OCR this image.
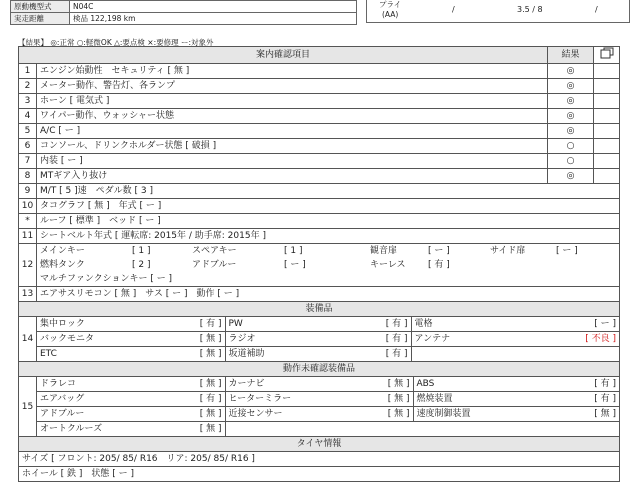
原動機型式	N04C
実走距離	検品 122,198 km
プライ
(AA)
/	3.5 / 8	/
【結果】 ◎:正常 ○:軽微OK △:要点検 ×:要修理 ー:対象外
案内確認項目	結果	
1	エンジン始動性　セキュリティ [ 無 ]	◎	
2	メーター動作、警告灯、各ランプ	◎	
3	ホーン [ 電気式 ]	◎	
4	ワイパー動作、ウォッシャー状態	◎	
5	A/C [ ー ]	◎	
6	コンソール、ドリンクホルダー状態 [ 破損 ]	○	
7	内装 [ ー ]	○	
8	MTギア入り抜け	◎	
9	M/T [ 5 ]速　ペダル数 [ 3 ]
10	タコグラフ [ 無 ]　年式 [ ー ]
*	ルーフ [ 標準 ]　ベッド [ ー ]
11	シートベルト年式 [ 運転席: 2015年 / 助手席: 2015年 ]
12	
メインキー	[ 1 ]	スペアキー	[ 1 ]	観音扉	[ ー ]	サイド扉	[ ー ]
燃料タンク	[ 2 ]	アドブルー	[ ー ]	キーレス	[ 有 ]		
マルチファンクションキー [ ー ]

13	エアサスリモコン [ 無 ]　サス [ ー ]　動作 [ ー ]
装備品
14	
集中ロック	[ 有 ]	PW	[ 有 ]	電格	[ ー ]
バックモニタ	[ 無 ]	ラジオ	[ 有 ]	アンテナ	[ 不良 ]
ETC	[ 無 ]	坂道補助	[ 有 ]		

動作未確認装備品
15	
ドラレコ	[ 無 ]	カーナビ	[ 無 ]	ABS	[ 有 ]
エアバッグ	[ 有 ]	ヒーターミラー	[ 無 ]	燃焼装置	[ 有 ]
アドブルー	[ 無 ]	近接センサー	[ 無 ]	速度制御装置	[ 無 ]
オートクルーズ	[ 無 ]				

タイヤ情報
サイズ [ フロント: 205/ 85/ R16　リア: 205/ 85/ R16 ]
ホイール [ 鉄 ]　状態 [ ー ]
